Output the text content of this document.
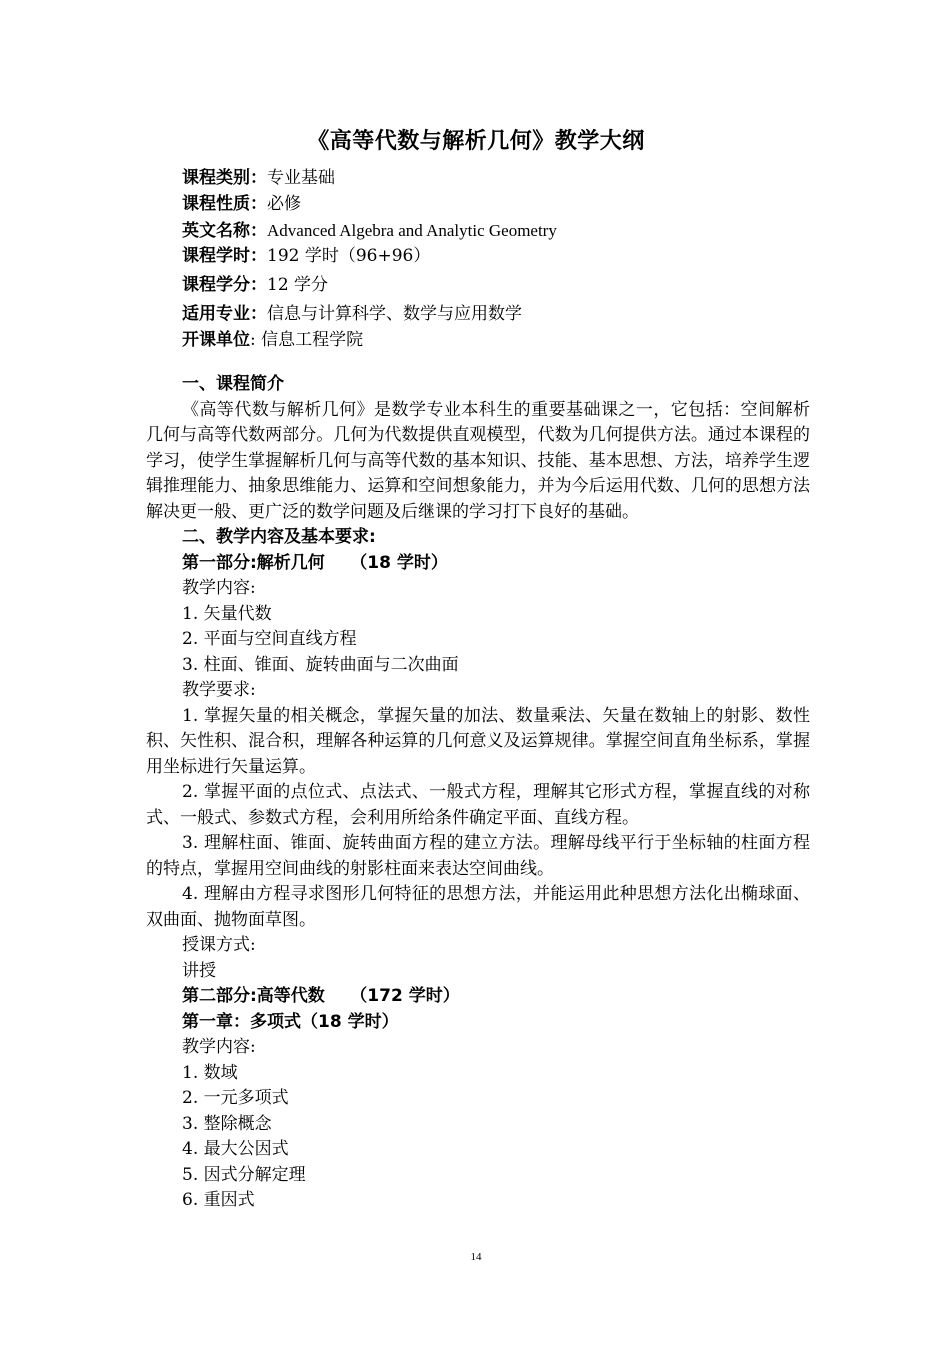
《高等代数与解析几何》教学大纲
课程类别：专业基础
课程性质：必修
英文名称：Advanced Algebra and Analytic Geometry
课程学时：192 学时（96+96）
课程学分：12 学分
适用专业：信息与计算科学、数学与应用数学
开课单位: 信息工程学院
一、课程简介
《高等代数与解析几何》是数学专业本科生的重要基础课之一，它包括：空间解析几何与高等代数两部分。几何为代数提供直观模型，代数为几何提供方法。通过本课程的学习，使学生掌握解析几何与高等代数的基本知识、技能、基本思想、方法，培养学生逻辑推理能力、抽象思维能力、运算和空间想象能力，并为今后运用代数、几何的思想方法解决更一般、更广泛的数学问题及后继课的学习打下良好的基础。
二、教学内容及基本要求:
第一部分:解析几何　　（18 学时）
教学内容:
1. 矢量代数
2. 平面与空间直线方程
3. 柱面、锥面、旋转曲面与二次曲面
教学要求:
1. 掌握矢量的相关概念，掌握矢量的加法、数量乘法、矢量在数轴上的射影、数性积、矢性积、混合积，理解各种运算的几何意义及运算规律。掌握空间直角坐标系，掌握用坐标进行矢量运算。
2. 掌握平面的点位式、点法式、一般式方程，理解其它形式方程，掌握直线的对称式、一般式、参数式方程，会利用所给条件确定平面、直线方程。
3. 理解柱面、锥面、旋转曲面方程的建立方法。理解母线平行于坐标轴的柱面方程的特点，掌握用空间曲线的射影柱面来表达空间曲线。
4. 理解由方程寻求图形几何特征的思想方法，并能运用此种思想方法化出椭球面、双曲面、抛物面草图。
授课方式:
讲授
第二部分:高等代数　　（172 学时）
第一章：多项式（18 学时）
教学内容:
1. 数域
2. 一元多项式
3. 整除概念
4. 最大公因式
5. 因式分解定理
6. 重因式
14
